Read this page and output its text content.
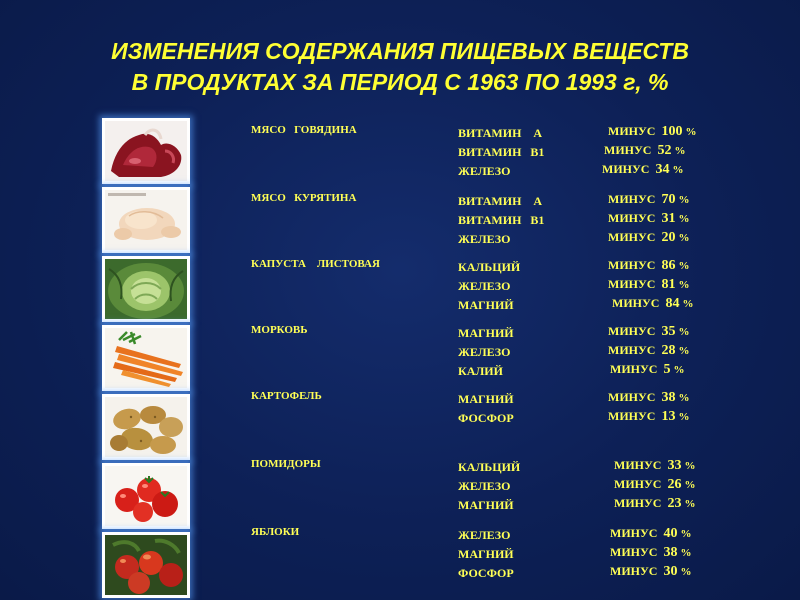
ИЗМЕНЕНИЯ СОДЕРЖАНИЯ ПИЩЕВЫХ ВЕЩЕСТВ
В ПРОДУКТАХ ЗА ПЕРИОД С 1963 ПО 1993 г, %
МЯСО   ГОВЯДИНА	ВИТАМИН    А	МИНУС 100 %
ВИТАМИН   В1	МИНУС 52 %
ЖЕЛЕЗО	МИНУС 34 %
МЯСО   КУРЯТИНА	ВИТАМИН    А	МИНУС 70 %
ВИТАМИН   В1	МИНУС 31 %
ЖЕЛЕЗО	МИНУС 20 %
КАПУСТА    ЛИСТОВАЯ	КАЛЬЦИЙ	МИНУС 86 %
ЖЕЛЕЗО	МИНУС 81 %
МАГНИЙ	МИНУС 84 %
МОРКОВЬ	МАГНИЙ	МИНУС 35 %
ЖЕЛЕЗО	МИНУС 28 %
КАЛИЙ	МИНУС 5 %
КАРТОФЕЛЬ	МАГНИЙ	МИНУС 38 %
ФОСФОР	МИНУС 13 %
ПОМИДОРЫ	КАЛЬЦИЙ	МИНУС 33 %
ЖЕЛЕЗО	МИНУС 26 %
МАГНИЙ	МИНУС 23 %
ЯБЛОКИ	ЖЕЛЕЗО	МИНУС 40 %
МАГНИЙ	МИНУС 38 %
ФОСФОР	МИНУС 30 %
